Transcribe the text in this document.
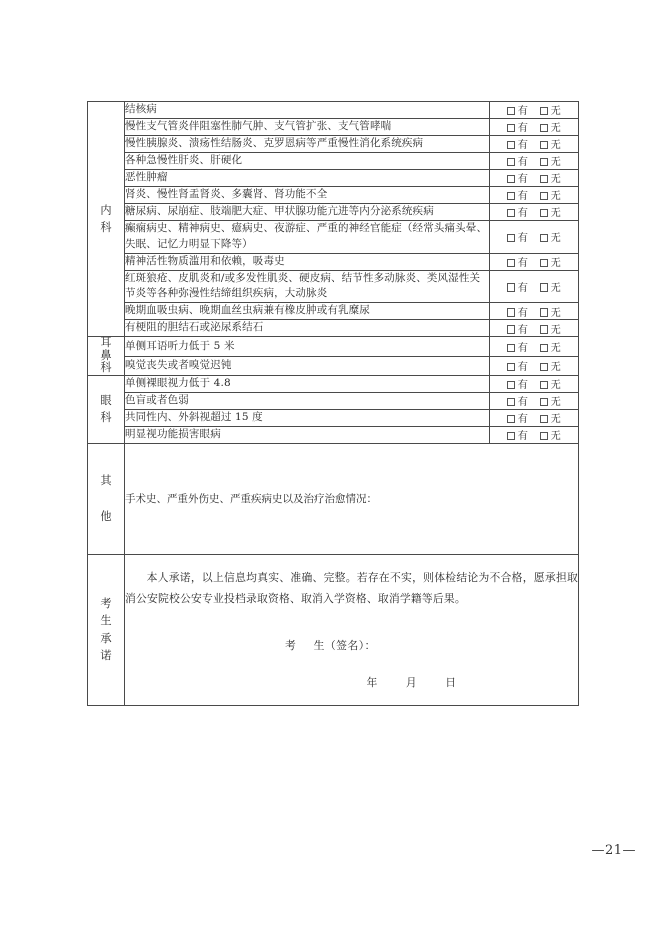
内
科	结核病	有 无
	慢性支气管炎伴阻塞性肺气肿、支气管扩张、支气管哮喘	有 无
	慢性胰腺炎、溃疡性结肠炎、克罗恩病等严重慢性消化系统疾病	有 无
	各种急慢性肝炎、肝硬化	有 无
	恶性肿瘤	有 无
	肾炎、慢性肾盂肾炎、多囊肾、肾功能不全	有 无
	糖尿病、尿崩症、肢端肥大症、甲状腺功能亢进等内分泌系统疾病	有 无
	癫痫病史、精神病史、癔病史、夜游症、严重的神经官能症（经常头痛头晕、失眠、记忆力明显下降等）	有 无
	精神活性物质滥用和依赖，吸毒史	有 无
	红斑狼疮、皮肌炎和/或多发性肌炎、硬皮病、结节性多动脉炎、类风湿性关节炎等各种弥漫性结缔组织疾病，大动脉炎	有 无
	晚期血吸虫病、晚期血丝虫病兼有橡皮肿或有乳糜尿	有 无
	有梗阻的胆结石或泌尿系结石	有 无

耳
鼻
科	单侧耳语听力低于 5 米	有 无
	嗅觉丧失或者嗅觉迟钝	有 无

眼
科	单侧裸眼视力低于 4.8	有 无
	色盲或者色弱	有 无
	共同性内、外斜视超过 15 度	有 无
	明显视功能损害眼病	有 无

其
他	手术史、严重外伤史、严重疾病史以及治疗治愈情况：	

考
生
承
诺

本人承诺，以上信息均真实、准确、完整。若存在不实，则体检结论为不合格，愿承担取消公安院校公安专业投档录取资格、取消入学资格、取消学籍等后果。
考 生（签名）：
年	月	日
—21—
